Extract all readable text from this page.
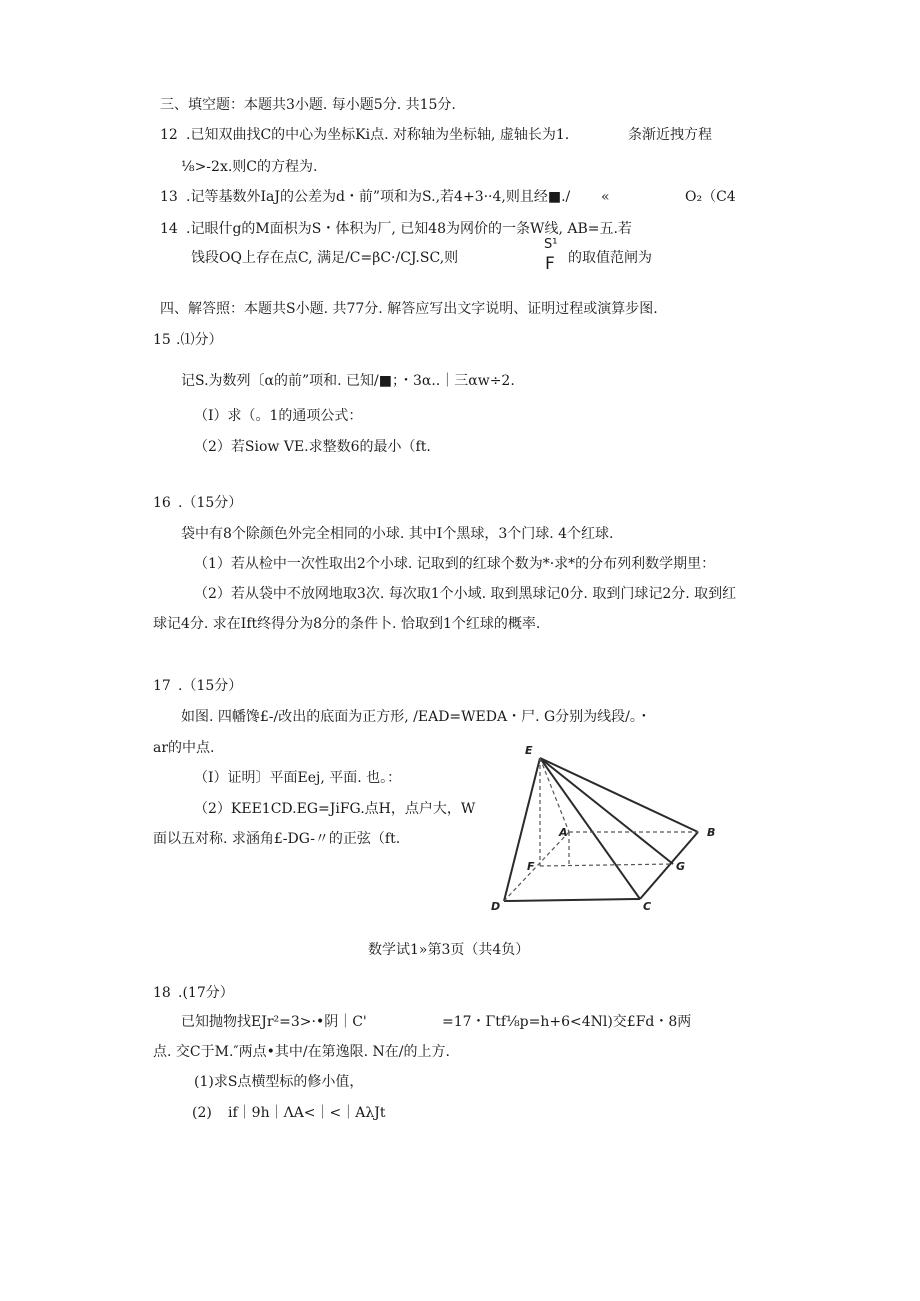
三、填空题：本题共3小题. 每小题5分. 共15分.
12 .已知双曲找C的中心为坐标Ki点. 对称轴为坐标轴, 虚轴长为1.	条渐近拽方程
⅛>-2x.则C的方程为.
13 .记等基数外IaJ的公差为d・前”项和为S.,若4+3··4,则且经■./ «	O₂（C4
14 .记眼什g的M面枳为S・体积为厂, 已知48为网价的一条W线, AB=五.若
饯段OQ上存在点C, 满足/C=βC·/CJ.SC,则
S¹
F 的取值范闸为
四、解答照：本题共S小题. 共77分. 解答应写出文字说明、证明过程或演算步图.
15 .⑴分）
记S.为数列〔α的前”项和. 已知/■；・3α..｜三αw÷2.
（I）求（。1的通项公式：
（2）若Siow VE.求整数6的最小（ft.
16 .（15分）
袋中有8个除颜色外完全相同的小球. 其中I个黑球，3个门球. 4个红球.
（1）若从检中一次性取出2个小球. 记取到的红球个数为*·求*的分布列利数学期里：
（2）若从袋中不放网地取3次. 每次取1个小域. 取到黑球记0分. 取到门球记2分. 取到红
球记4分. 求在Ift终得分为8分的条件卜. 恰取到1个红球的概率.
17 .（15分）
如图. 四幡馋£-/改出的底面为正方形, /EAD=WEDA・尸. G分别为线段/。・
ar的中点.
（I）证明〕平面Eej, 平面. 也。：
（2）KEE1CD.EG=JiFG.点H，点户大，W
面以五对称. 求涵角£-DG-〃的正弦（ft.
E
A	B
F	G
D	C
数学试1»第3页（共4负）
18 .(17分）
已知抛物找EJr²=3>·•阴｜C'	=17・Γtf⅛p=h+6<4Nl)交£Fd・8两
点. 交C于M.″两点•其中/在第逸限. N在/的上方.
(1)求S点横型标的修小值，
(2) if｜9h｜ΛA<｜<｜AλJt
